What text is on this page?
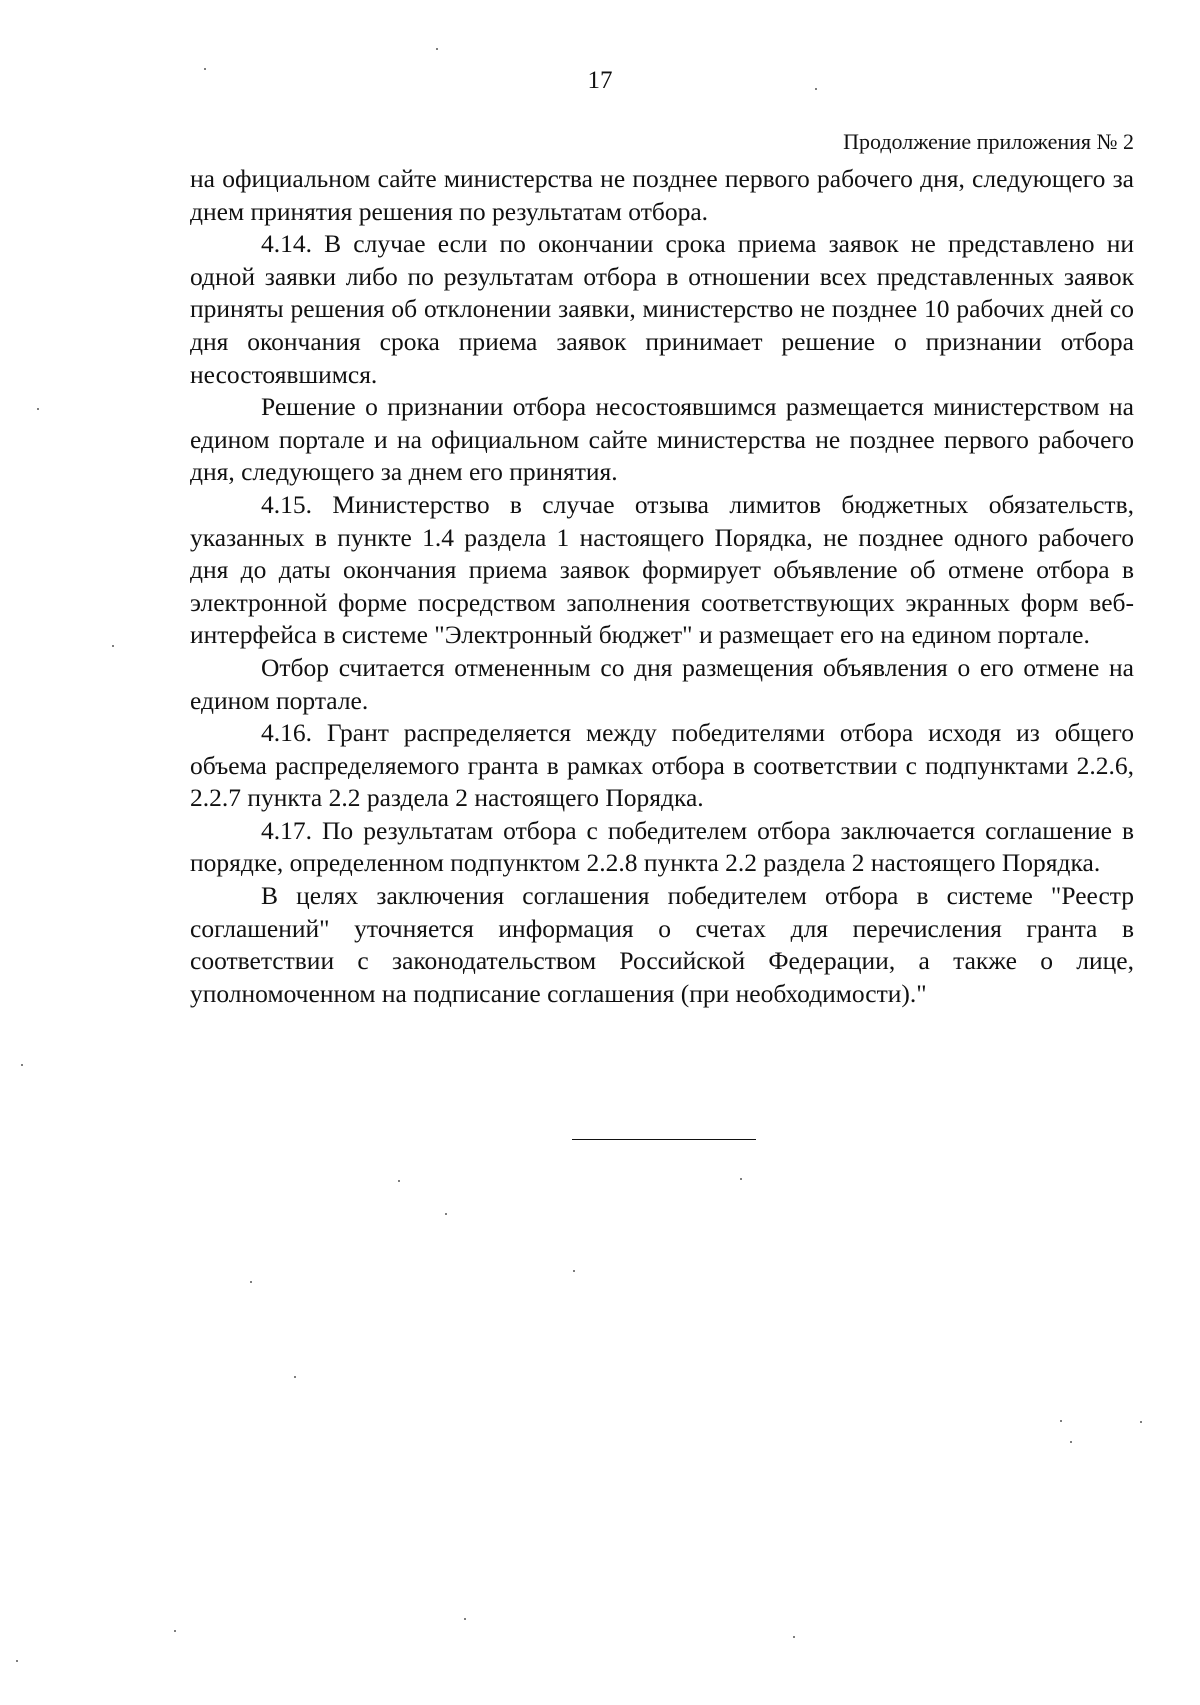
17
Продолжение приложения № 2

на официальном сайте министерства не позднее первого рабочего дня, следующего за днем принятия решения по результатам отбора.

4.14. В случае если по окончании срока приема заявок не представлено ни одной заявки либо по результатам отбора в отношении всех представленных заявок приняты решения об отклонении заявки, министерство не позднее 10 рабочих дней со дня окончания срока приема заявок принимает решение о признании отбора несостоявшимся.

Решение о признании отбора несостоявшимся размещается министерством на едином портале и на официальном сайте министерства не позднее первого рабочего дня, следующего за днем его принятия.

4.15. Министерство в случае отзыва лимитов бюджетных обязательств, указанных в пункте 1.4 раздела 1 настоящего Порядка, не позднее одного рабочего дня до даты окончания приема заявок формирует объявление об отмене отбора в электронной форме посредством заполнения соответствующих экранных форм веб-интерфейса в системе "Электронный бюджет" и размещает его на едином портале.

Отбор считается отмененным со дня размещения объявления о его отмене на едином портале.

4.16. Грант распределяется между победителями отбора исходя из общего объема распределяемого гранта в рамках отбора в соответствии с подпунктами 2.2.6, 2.2.7 пункта 2.2 раздела 2 настоящего Порядка.

4.17. По результатам отбора с победителем отбора заключается соглашение в порядке, определенном подпунктом 2.2.8 пункта 2.2 раздела 2 настоящего Порядка.

В целях заключения соглашения победителем отбора в системе "Реестр соглашений" уточняется информация о счетах для перечисления гранта в соответствии с законодательством Российской Федерации, а также о лице, уполномоченном на подписание соглашения (при необходимости)."
